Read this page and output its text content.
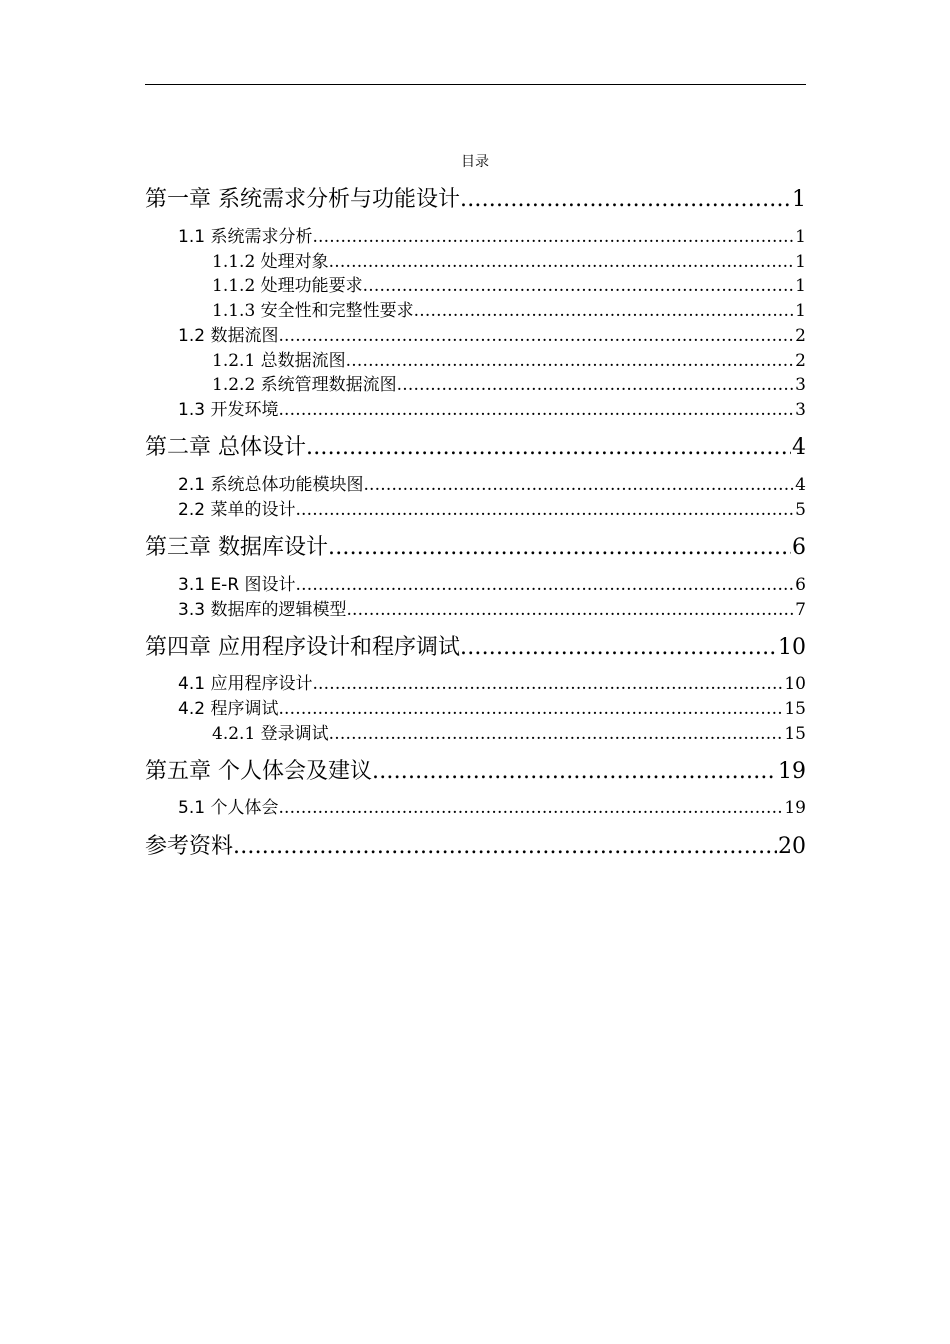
目录
第一章 系统需求分析与功能设计 .....	1
1.1 系统需求分析 .....	1
1.1.2 处理对象 .....	1
1.1.2 处理功能要求 .....	1
1.1.3 安全性和完整性要求 .....	1
1.2 数据流图 .....	2
1.2.1 总数据流图 .....	2
1.2.2 系统管理数据流图 .....	3
1.3 开发环境 .....	3
第二章 总体设计 .....	4
2.1 系统总体功能模块图 .....	4
2.2 菜单的设计 .....	5
第三章 数据库设计 .....	6
3.1 E-R 图设计 .....	6
3.3 数据库的逻辑模型 .....	7
第四章 应用程序设计和程序调试 .....	10
4.1 应用程序设计 .....	10
4.2 程序调试 .....	15
4.2.1 登录调试 .....	15
第五章 个人体会及建议 .....	19
5.1 个人体会 .....	19
参考资料 .....	20
